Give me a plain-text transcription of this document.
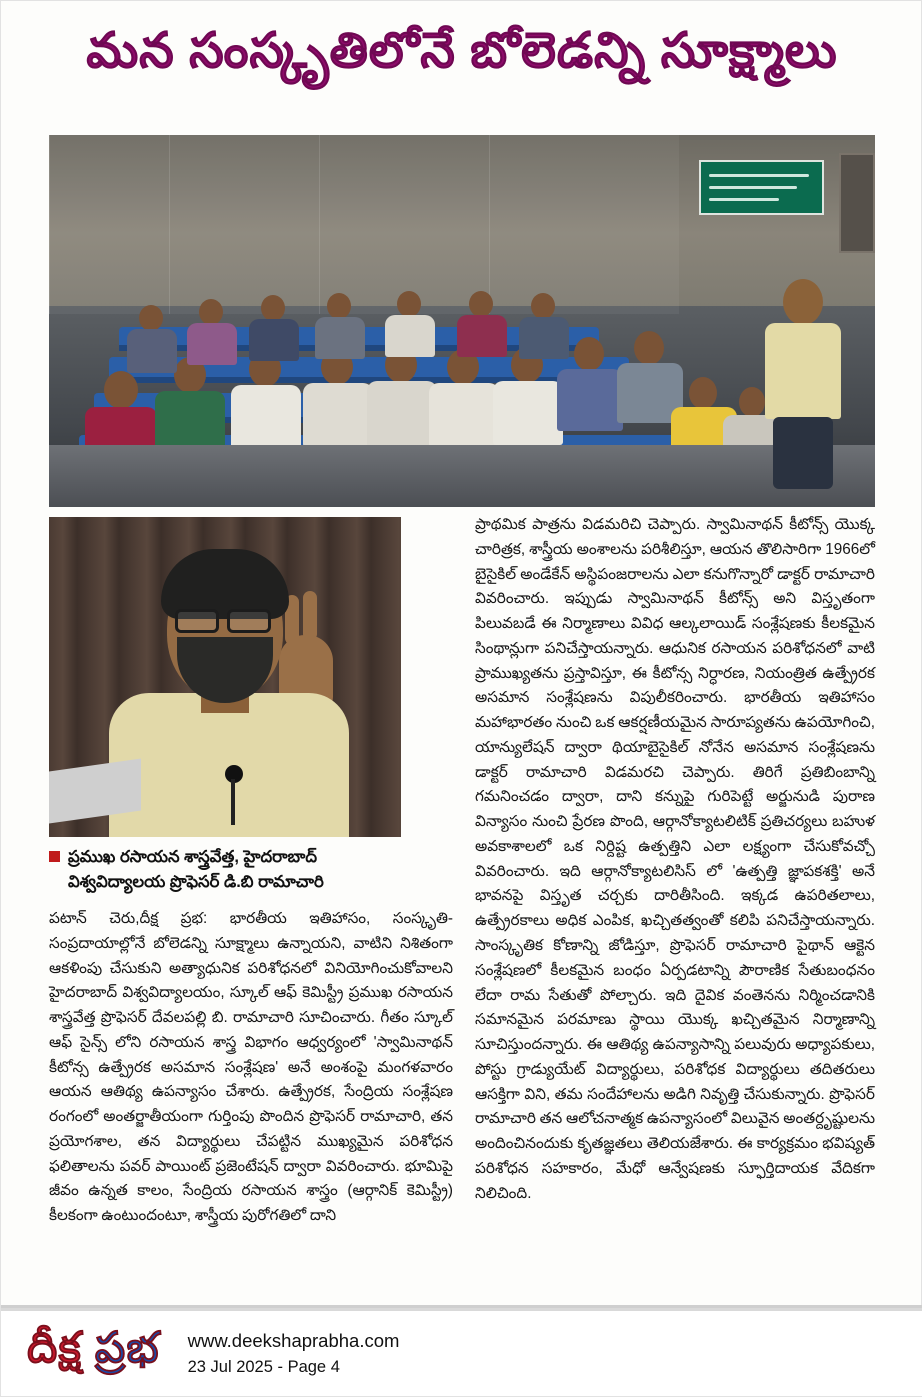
మన సంస్కృతిలోనే బోలెడన్ని సూక్ష్మాలు
ప్రముఖ రసాయన శాస్త్రవేత్త, హైదరాబాద్
విశ్వవిద్యాలయ ప్రొఫెసర్ డి.బి రామాచారి

పటాన్ చెరు,దీక్ష ప్రభ: భారతీయ ఇతిహాసం, సంస్కృతి-సంప్రదాయాల్లోనే బోలెడన్ని సూక్ష్మాలు ఉన్నాయని, వాటిని నిశితంగా ఆకళింపు చేసుకుని అత్యాధునిక పరిశోధనలో వినియోగించుకోవాలని హైదరాబాద్ విశ్వవిద్యాలయం, స్కూల్ ఆఫ్ కెమిస్ట్రీ ప్రముఖ రసాయన శాస్త్రవేత్త ప్రొఫెసర్ దేవలపల్లి బి. రామాచారి సూచించారు. గీతం స్కూల్ ఆఫ్ సైన్స్ లోని రసాయన శాస్త్ర విభాగం ఆధ్వర్యంలో 'స్వామినాథన్ కీటోన్స ఉత్ప్రేరక అసమాన సంశ్లేషణ' అనే అంశంపై మంగళవారం ఆయన ఆతిథ్య ఉపన్యాసం చేశారు. ఉత్ప్రేరక, సేంద్రియ సంశ్లేషణ రంగంలో అంతర్జాతీయంగా గుర్తింపు పొందిన ప్రొఫెసర్ రామాచారి, తన ప్రయోగశాల, తన విద్యార్థులు చేపట్టిన ముఖ్యమైన పరిశోధన ఫలితాలను పవర్ పాయింట్ ప్రజెంటేషన్ ద్వారా వివరించారు. భూమిపై జీవం ఉన్నత కాలం, సేంద్రియ రసాయన శాస్త్రం (ఆర్గానిక్ కెమిస్ట్రీ) కీలకంగా ఉంటుందంటూ, శాస్త్రీయ పురోగతిలో దాని

ప్రాథమిక పాత్రను విడమరిచి చెప్పారు. స్వామినాథన్ కీటోన్స్ యొక్క చారిత్రక, శాస్త్రీయ అంశాలను పరిశీలిస్తూ, ఆయన తొలిసారిగా 1966లో బైసైకిల్ అండేకేన్ అస్థిపంజరాలను ఎలా కనుగొన్నారో డాక్టర్ రామాచారి వివరించారు. ఇప్పుడు స్వామినాథన్ కీటోన్స్ అని విస్తృతంగా పిలువబడే ఈ నిర్మాణాలు వివిధ ఆల్కలాయిడ్ సంశ్లేషణకు కీలకమైన సింథాన్లుగా పనిచేస్తాయన్నారు. ఆధునిక రసాయన పరిశోధనలో వాటి ప్రాముఖ్యతను ప్రస్తావిస్తూ, ఈ కీటోన్స నిర్ధారణ, నియంత్రిత ఉత్ప్రేరక అసమాన సంశ్లేషణను విపులీకరించారు. భారతీయ ఇతిహాసం మహాభారతం నుంచి ఒక ఆకర్షణీయమైన సారూప్యతను ఉపయోగించి, యాన్యులేషన్ ద్వారా థియాబైసైకిల్ నోనేన అసమాన సంశ్లేషణను డాక్టర్ రామాచారి విడమరచి చెప్పారు. తిరిగే ప్రతిబింబాన్ని గమనించడం ద్వారా, దాని కన్నుపై గురిపెట్టే అర్జునుడి పురాణ విన్యాసం నుంచి ప్రేరణ పొంది, ఆర్గానోక్యాటలిటిక్ ప్రతిచర్యలు బహుళ అవకాశాలలో ఒక నిర్దిష్ట ఉత్పత్తిని ఎలా లక్ష్యంగా చేసుకోవచ్చో వివరించారు. ఇది ఆర్గానోక్యాటలిసిస్ లో 'ఉత్పత్తి జ్ఞాపకశక్తి' అనే భావనపై విస్తృత చర్చకు దారితీసింది. ఇక్కడ ఉపరితలాలు, ఉత్ప్రేరకాలు అధిక ఎంపిక, ఖచ్చితత్వంతో కలిపి పనిచేస్తాయన్నారు. సాంస్కృతిక కోణాన్ని జోడిస్తూ, ప్రొఫెసర్ రామాచారి పైథాన్ ఆక్టెన సంశ్లేషణలో కీలకమైన బంధం ఏర్పడటాన్ని పౌరాణిక సేతుబంధనం లేదా రామ సేతుతో పోల్చారు. ఇది దైవిక వంతెనను నిర్మించడానికి సమానమైన పరమాణు స్థాయి యొక్క ఖచ్చితమైన నిర్మాణాన్ని సూచిస్తుందన్నారు. ఈ ఆతిథ్య ఉపన్యాసాన్ని పలువురు అధ్యాపకులు, పోస్టు గ్రాడ్యుయేట్ విద్యార్థులు, పరిశోధక విద్యార్థులు తదితరులు ఆసక్తిగా విని, తమ సందేహాలను అడిగి నివృత్తి చేసుకున్నారు. ప్రొఫెసర్ రామాచారి తన ఆలోచనాత్మక ఉపన్యాసంలో విలువైన అంతర్దృష్టులను అందించినందుకు కృతజ్ఞతలు తెలియజేశారు. ఈ కార్యక్రమం భవిష్యత్ పరిశోధన సహకారం, మేధో ఆన్వేషణకు స్ఫూర్తిదాయక వేదికగా నిలిచింది.

దీక్ష ప్రభ www.deekshaprabha.com
23 Jul 2025 - Page 4
